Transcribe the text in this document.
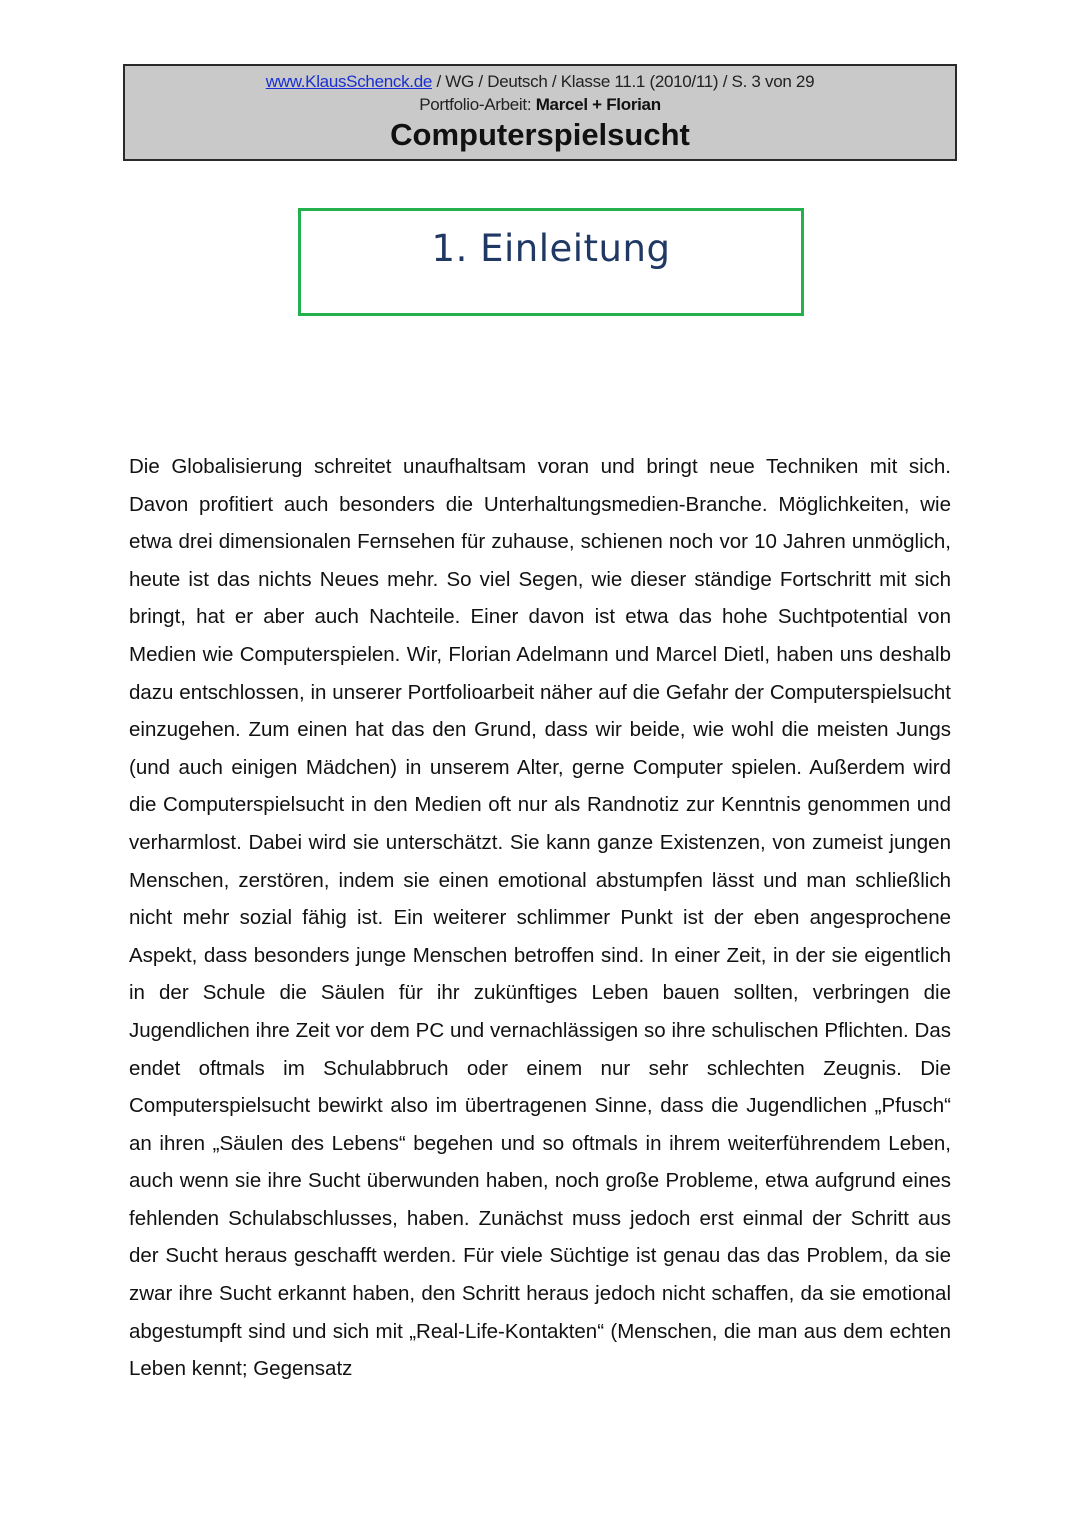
www.KlausSchenck.de / WG / Deutsch / Klasse 11.1 (2010/11) / S. 3 von 29
Portfolio-Arbeit: Marcel + Florian
Computerspielsucht
1. Einleitung

Die Globalisierung schreitet unaufhaltsam voran und bringt neue Techniken mit sich. Davon profitiert auch besonders die Unterhaltungsmedien-Branche. Möglichkeiten, wie etwa drei dimensionalen Fernsehen für zuhause, schienen noch vor 10 Jahren unmöglich, heute ist das nichts Neues mehr. So viel Segen, wie dieser ständige Fortschritt mit sich bringt, hat er aber auch Nachteile. Einer davon ist etwa das hohe Suchtpotential von Medien wie Computerspielen. Wir, Florian Adelmann und Marcel Dietl, haben uns deshalb dazu entschlossen, in unserer Portfolioarbeit näher auf die Gefahr der Computerspielsucht einzugehen. Zum einen hat das den Grund, dass wir beide, wie wohl die meisten Jungs (und auch einigen Mädchen) in unserem Alter, gerne Computer spielen. Außerdem wird die Computerspielsucht in den Medien oft nur als Randnotiz zur Kenntnis genommen und verharmlost. Dabei wird sie unterschätzt. Sie kann ganze Existenzen, von zumeist jungen Menschen, zerstören, indem sie einen emotional abstumpfen lässt und man schließlich nicht mehr sozial fähig ist. Ein weiterer schlimmer Punkt ist der eben angesprochene Aspekt, dass besonders junge Menschen betroffen sind. In einer Zeit, in der sie eigentlich in der Schule die Säulen für ihr zukünftiges Leben bauen sollten, verbringen die Jugendlichen ihre Zeit vor dem PC und vernachlässigen so ihre schulischen Pflichten. Das endet oftmals im Schulabbruch oder einem nur sehr schlechten Zeugnis. Die Computerspielsucht bewirkt also im übertragenen Sinne, dass die Jugendlichen „Pfusch“ an ihren „Säulen des Lebens“ begehen und so oftmals in ihrem weiterführendem Leben, auch wenn sie ihre Sucht überwunden haben, noch große Probleme, etwa aufgrund eines fehlenden Schulabschlusses, haben. Zunächst muss jedoch erst einmal der Schritt aus der Sucht heraus geschafft werden. Für viele Süchtige ist genau das das Problem, da sie zwar ihre Sucht erkannt haben, den Schritt heraus jedoch nicht schaffen, da sie emotional abgestumpft sind und sich mit „Real-Life-Kontakten“ (Menschen, die man aus dem echten Leben kennt; Gegensatz
